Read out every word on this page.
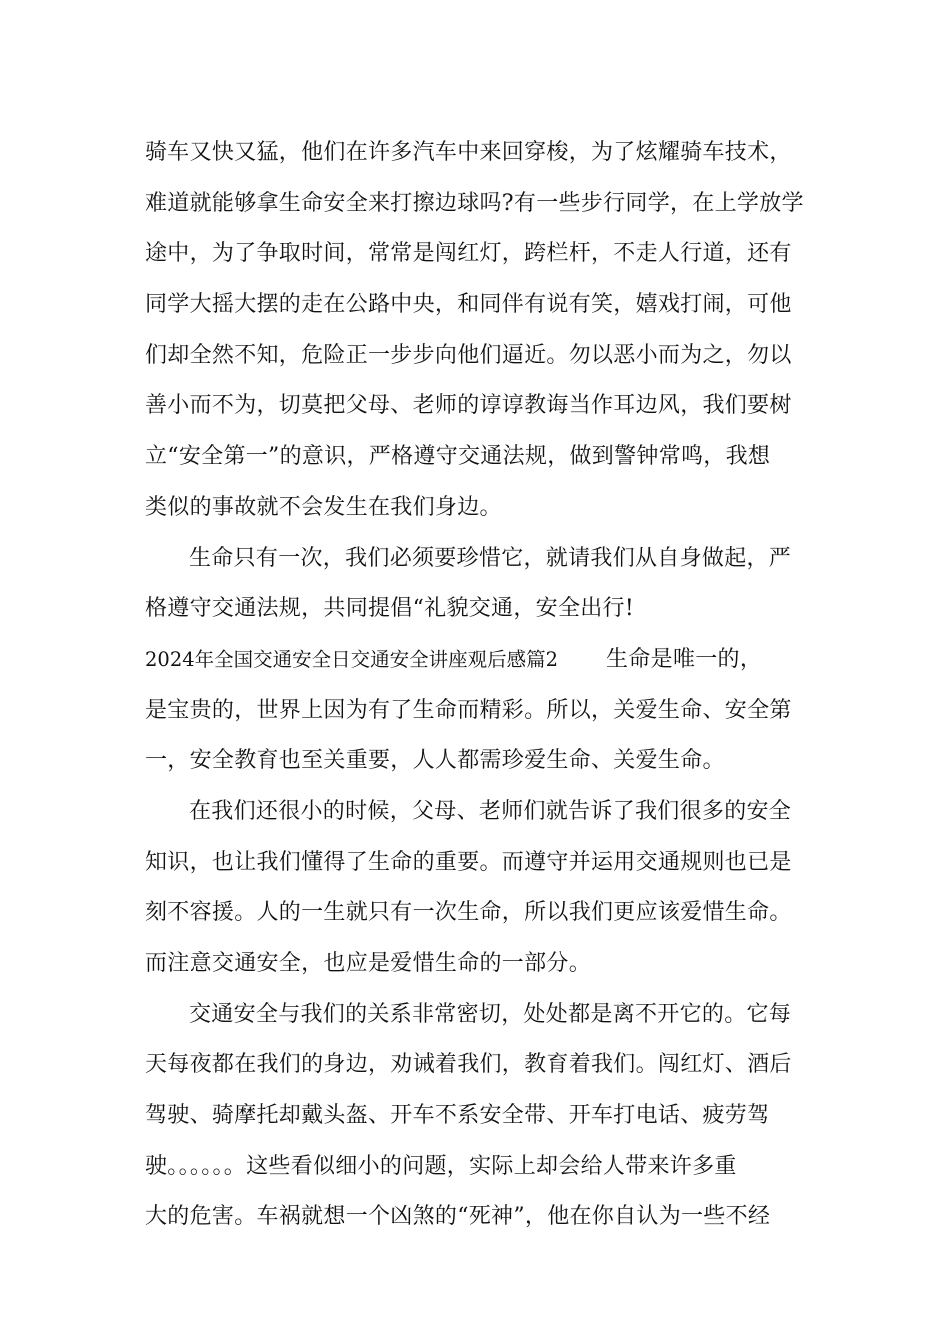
骑车又快又猛，他们在许多汽车中来回穿梭，为了炫耀骑车技术，
难道就能够拿生命安全来打擦边球吗?有一些步行同学，在上学放学
途中，为了争取时间，常常是闯红灯，跨栏杆，不走人行道，还有
同学大摇大摆的走在公路中央，和同伴有说有笑，嬉戏打闹，可他
们却全然不知，危险正一步步向他们逼近。勿以恶小而为之，勿以
善小而不为，切莫把父母、老师的谆谆教诲当作耳边风，我们要树
立“安全第一”的意识，严格遵守交通法规，做到警钟常鸣，我想
类似的事故就不会发生在我们身边。
生命只有一次，我们必须要珍惜它，就请我们从自身做起，严
格遵守交通法规，共同提倡“礼貌交通，安全出行!
2024年全国交通安全日交通安全讲座观后感篇2 生命是唯一的，
是宝贵的，世界上因为有了生命而精彩。所以，关爱生命、安全第
一，安全教育也至关重要，人人都需珍爱生命、关爱生命。
在我们还很小的时候，父母、老师们就告诉了我们很多的安全
知识，也让我们懂得了生命的重要。而遵守并运用交通规则也已是
刻不容援。人的一生就只有一次生命，所以我们更应该爱惜生命。
而注意交通安全，也应是爱惜生命的一部分。
交通安全与我们的关系非常密切，处处都是离不开它的。它每
天每夜都在我们的身边，劝诫着我们，教育着我们。闯红灯、酒后
驾驶、骑摩托却戴头盔、开车不系安全带、开车打电话、疲劳驾
驶。。。。。。这些看似细小的问题，实际上却会给人带来许多重
大的危害。车祸就想一个凶煞的“死神”，他在你自认为一些不经
